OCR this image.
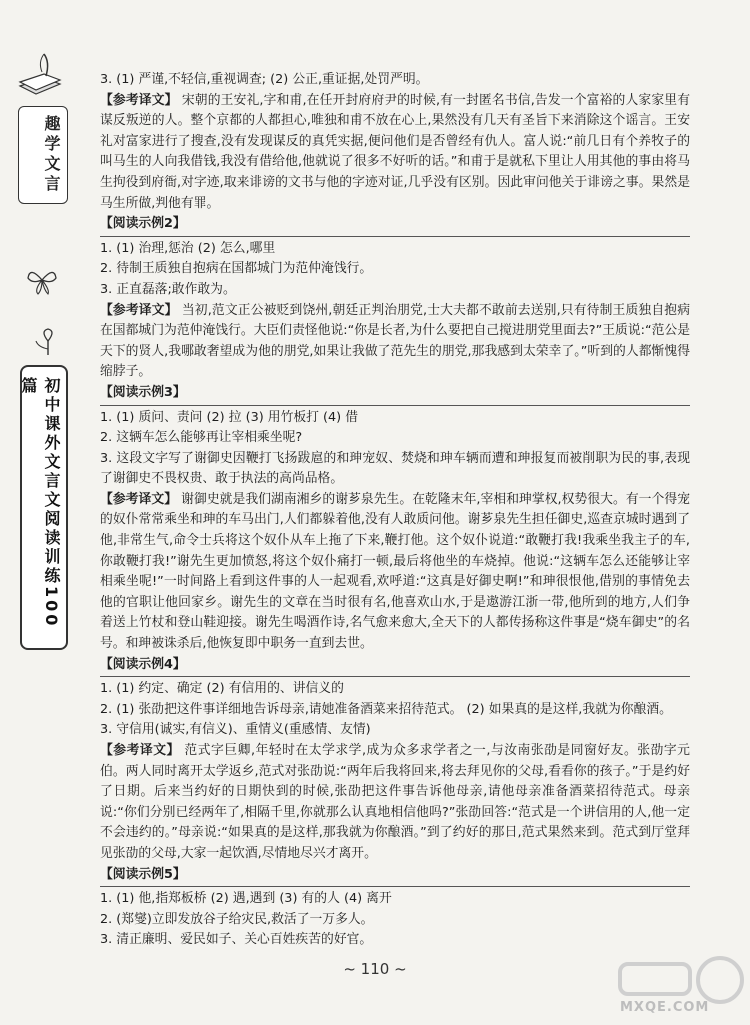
趣学文言
初中课外文言文阅读训练100篇
3. (1) 严谨,不轻信,重视调查; (2) 公正,重证据,处罚严明。
【参考译文】 宋朝的王安礼,字和甫,在任开封府府尹的时候,有一封匿名书信,告发一个富裕的人家家里有谋反叛逆的人。整个京都的人都担心,唯独和甫不放在心上,果然没有几天有圣旨下来消除这个谣言。王安礼对富家进行了搜查,没有发现谋反的真凭实据,便问他们是否曾经有仇人。富人说:“前几日有个养牧子的叫马生的人向我借钱,我没有借给他,他就说了很多不好听的话。”和甫于是就私下里让人用其他的事由将马生拘役到府衙,对字迹,取来诽谤的文书与他的字迹对证,几乎没有区别。因此审问他关于诽谤之事。果然是马生所做,判他有罪。
【阅读示例2】
1. (1) 治理,惩治 (2) 怎么,哪里
2. 待制王质独自抱病在国都城门为范仲淹饯行。
3. 正直磊落;敢作敢为。
【参考译文】 当初,范文正公被贬到饶州,朝廷正判治朋党,士大夫都不敢前去送别,只有待制王质独自抱病在国都城门为范仲淹饯行。大臣们责怪他说:“你是长者,为什么要把自己搅进朋党里面去?”王质说:“范公是天下的贤人,我哪敢奢望成为他的朋党,如果让我做了范先生的朋党,那我感到太荣幸了。”听到的人都惭愧得缩脖子。
【阅读示例3】
1. (1) 质问、责问 (2) 拉 (3) 用竹板打 (4) 借
2. 这辆车怎么能够再让宰相乘坐呢?
3. 这段文字写了谢御史因鞭打飞扬跋扈的和珅宠奴、焚烧和珅车辆而遭和珅报复而被削职为民的事,表现了谢御史不畏权贵、敢于执法的高尚品格。
【参考译文】 谢御史就是我们湖南湘乡的谢芗泉先生。在乾隆末年,宰相和珅掌权,权势很大。有一个得宠的奴仆常常乘坐和珅的车马出门,人们都躲着他,没有人敢质问他。谢芗泉先生担任御史,巡查京城时遇到了他,非常生气,命令士兵将这个奴仆从车上拖了下来,鞭打他。这个奴仆说道:“敢鞭打我!我乘坐我主子的车,你敢鞭打我!”谢先生更加愤怒,将这个奴仆痛打一顿,最后将他坐的车烧掉。他说:“这辆车怎么还能够让宰相乘坐呢!”一时间路上看到这件事的人一起观看,欢呼道:“这真是好御史啊!”和珅很恨他,借别的事情免去他的官职让他回家乡。谢先生的文章在当时很有名,他喜欢山水,于是遨游江浙一带,他所到的地方,人们争着送上竹杖和登山鞋迎接。谢先生喝酒作诗,名气愈来愈大,全天下的人都传扬称这件事是“烧车御史”的名号。和珅被诛杀后,他恢复即中职务一直到去世。
【阅读示例4】
1. (1) 约定、确定 (2) 有信用的、讲信义的
2. (1) 张劭把这件事详细地告诉母亲,请她准备酒菜来招待范式。 (2) 如果真的是这样,我就为你酿酒。
3. 守信用(诚实,有信义)、重情义(重感情、友情)
【参考译文】 范式字巨卿,年轻时在太学求学,成为众多求学者之一,与汝南张劭是同窗好友。张劭字元伯。两人同时离开太学返乡,范式对张劭说:“两年后我将回来,将去拜见你的父母,看看你的孩子。”于是约好了日期。后来当约好的日期快到的时候,张劭把这件事告诉他母亲,请他母亲准备酒菜招待范式。母亲说:“你们分别已经两年了,相隔千里,你就那么认真地相信他吗?”张劭回答:“范式是一个讲信用的人,他一定不会违约的。”母亲说:“如果真的是这样,那我就为你酿酒。”到了约好的那日,范式果然来到。范式到厅堂拜见张劭的父母,大家一起饮酒,尽情地尽兴才离开。
【阅读示例5】
1. (1) 他,指郑板桥 (2) 遇,遇到 (3) 有的人 (4) 离开
2. (郑燮)立即发放谷子给灾民,救活了一万多人。
3. 清正廉明、爱民如子、关心百姓疾苦的好官。
~ 110 ~
MXQE.COM
